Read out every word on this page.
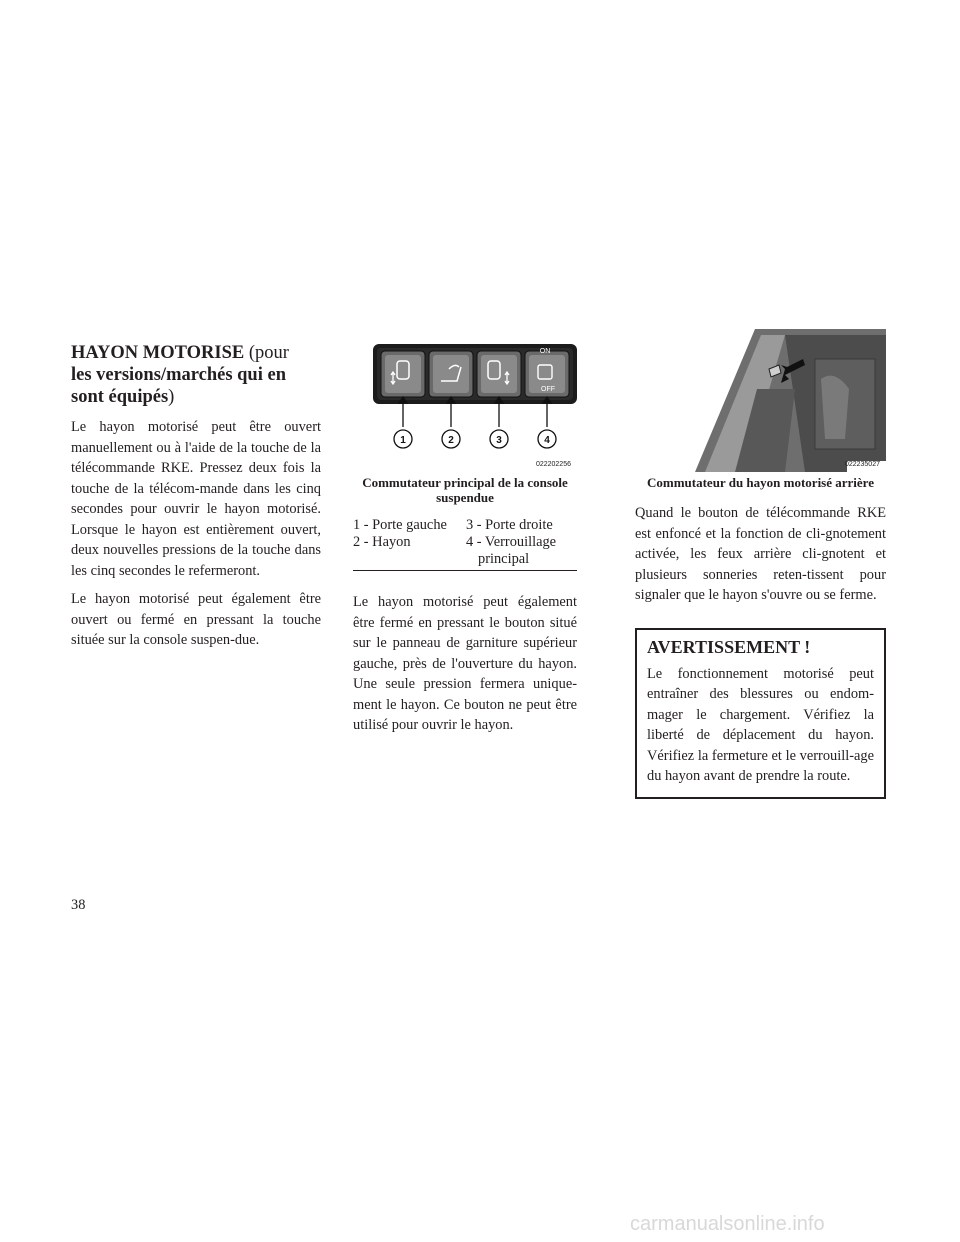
HAYON MOTORISE (pour
les versions/marchés qui en
sont équipés)

Le hayon motorisé peut être ouvert manuellement ou à l'aide de la touche de la télécommande RKE. Pressez deux fois la touche de la télécom-mande dans les cinq secondes pour ouvrir le hayon motorisé. Lorsque le hayon est entièrement ouvert, deux nouvelles pressions de la touche dans les cinq secondes le refermeront.

Le hayon motorisé peut également être ouvert ou fermé en pressant la touche située sur la console suspen-due.

ON
OFF
1	2	3	4
022202256

Commutateur principal de la console suspendue

1 - Porte gauche	3 - Porte droite
2 - Hayon	4 - Verrouillage
	principal

Le hayon motorisé peut également être fermé en pressant le bouton situé sur le panneau de garniture supérieur gauche, près de l'ouverture du hayon. Une seule pression fermera unique-ment le hayon. Ce bouton ne peut être utilisé pour ouvrir le hayon.

022235027

Commutateur du hayon motorisé arrière

Quand le bouton de télécommande RKE est enfoncé et la fonction de cli-gnotement activée, les feux arrière cli-gnotent et plusieurs sonneries reten-tissent pour signaler que le hayon s'ouvre ou se ferme.

AVERTISSEMENT !

Le fonctionnement motorisé peut entraîner des blessures ou endom-mager le chargement. Vérifiez la liberté de déplacement du hayon. Vérifiez la fermeture et le verrouill-age du hayon avant de prendre la route.

38
carmanualsonline.info
